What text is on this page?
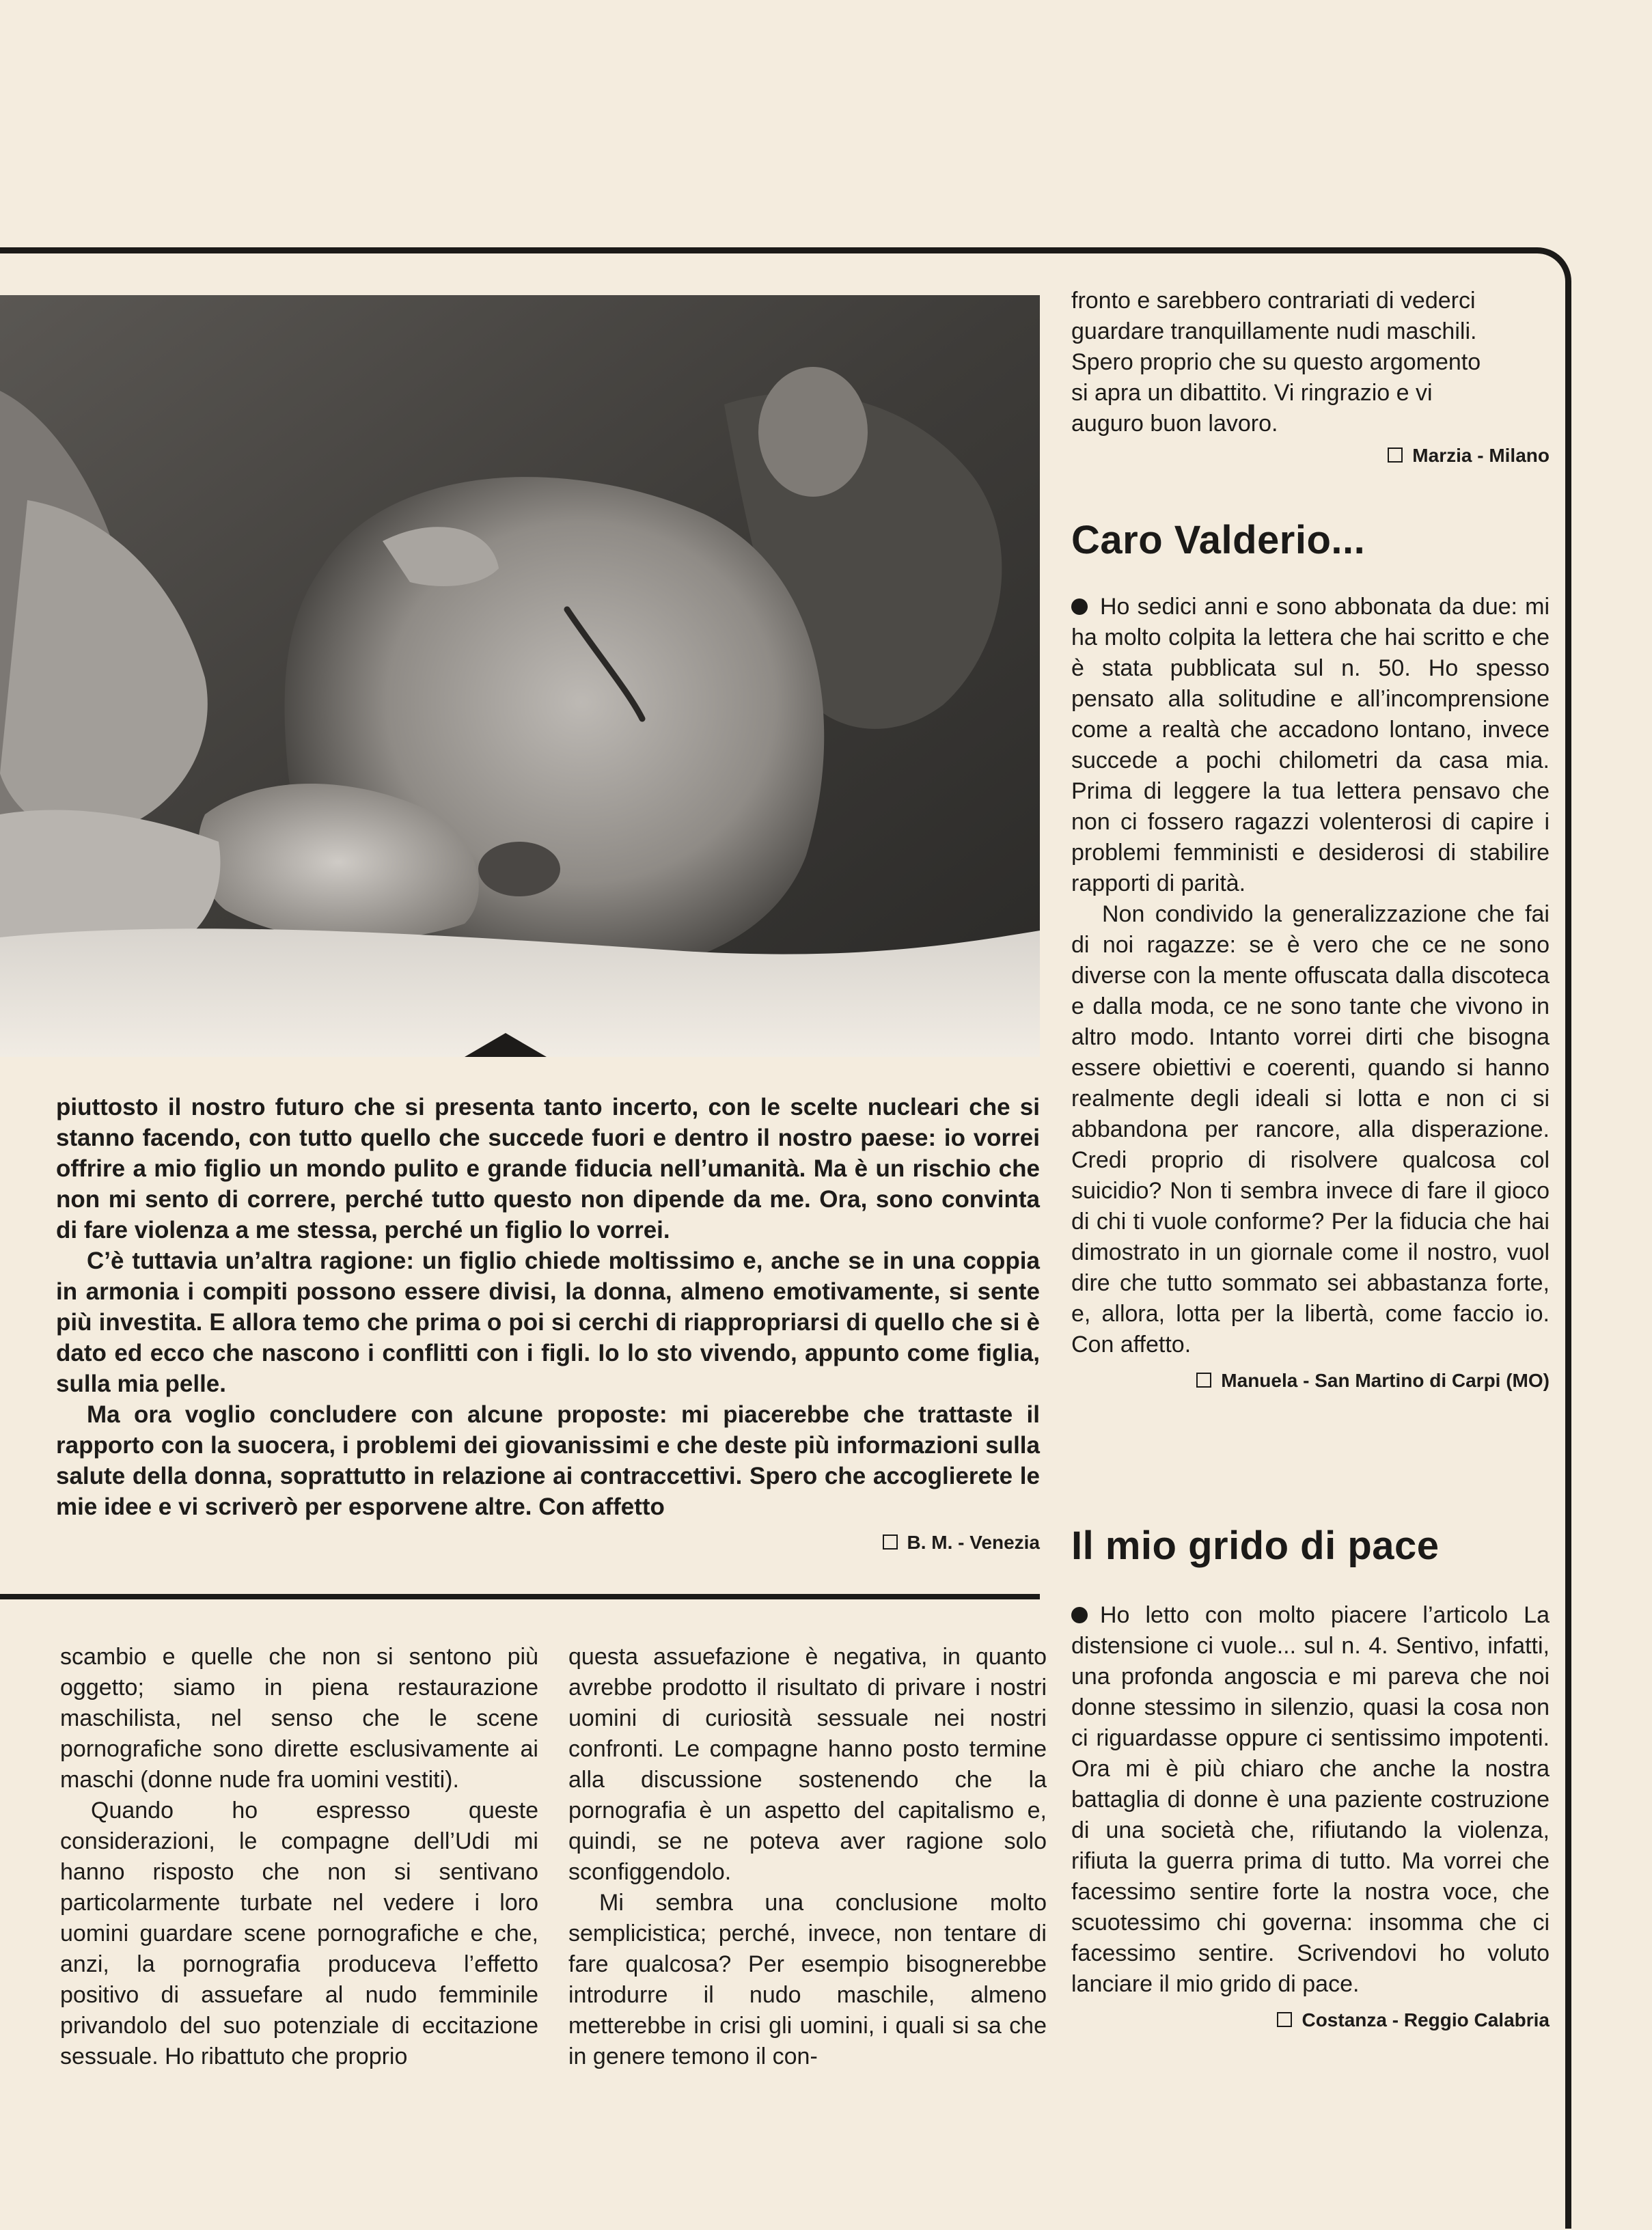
fronto e sarebbero contrariati di vederci

guardare tranquillamente nudi maschili.

Spero proprio che su questo argomento

si apra un dibattito. Vi ringrazio e vi

auguro buon lavoro.

Marzia - Milano
Caro Valderio...

Ho sedici anni e sono abbonata da due: mi ha molto colpita la lettera che hai scritto e che è stata pubblicata sul n. 50. Ho spesso pensato alla solitudine e all’incomprensione come a realtà che accadono lontano, invece succede a pochi chilometri da casa mia. Prima di leggere la tua lettera pensavo che non ci fossero ragazzi volenterosi di capire i problemi femministi e desiderosi di stabilire rapporti di parità.

Non condivido la generalizzazione che fai di noi ragazze: se è vero che ce ne sono diverse con la mente offuscata dalla discoteca e dalla moda, ce ne sono tante che vivono in altro modo. Intanto vorrei dirti che bisogna essere obiettivi e coerenti, quando si hanno realmente degli ideali si lotta e non ci si abbandona per rancore, alla disperazione. Credi proprio di risolvere qualcosa col suicidio? Non ti sembra invece di fare il gioco di chi ti vuole conforme? Per la fiducia che hai dimostrato in un giornale come il nostro, vuol dire che tutto sommato sei abbastanza forte, e, allora, lotta per la libertà, come faccio io. Con affetto.

Manuela - San Martino di Carpi (MO)
Il mio grido di pace

Ho letto con molto piacere l’articolo La distensione ci vuole... sul n. 4. Sentivo, infatti, una profonda angoscia e mi pareva che noi donne stessimo in silenzio, quasi la cosa non ci riguardasse oppure ci sentissimo impotenti. Ora mi è più chiaro che anche la nostra battaglia di donne è una paziente costruzione di una società che, rifiutando la violenza, rifiuta la guerra prima di tutto. Ma vorrei che facessimo sentire forte la nostra voce, che scuotessimo chi governa: insomma che ci facessimo sentire. Scrivendovi ho voluto lanciare il mio grido di pace.

Costanza - Reggio Calabria

piuttosto il nostro futuro che si presenta tanto incerto, con le scelte nucleari che si stanno facendo, con tutto quello che succede fuori e dentro il nostro paese: io vorrei offrire a mio figlio un mondo pulito e grande fiducia nell’umanità. Ma è un rischio che non mi sento di correre, perché tutto questo non dipende da me. Ora, sono convinta di fare violenza a me stessa, perché un figlio lo vorrei.

C’è tuttavia un’altra ragione: un figlio chiede moltissimo e, anche se in una coppia in armonia i compiti possono essere divisi, la donna, almeno emotivamente, si sente più investita. E allora temo che prima o poi si cerchi di riappropriarsi di quello che si è dato ed ecco che nascono i conflitti con i figli. Io lo sto vivendo, appunto come figlia, sulla mia pelle.

Ma ora voglio concludere con alcune proposte: mi piacerebbe che trattaste il rapporto con la suocera, i problemi dei giovanissimi e che deste più informazioni sulla salute della donna, soprattutto in relazione ai contraccettivi. Spero che accoglierete le mie idee e vi scriverò per esporvene altre. Con affetto

B. M. - Venezia

scambio e quelle che non si sentono più oggetto; siamo in piena restaurazione maschilista, nel senso che le scene pornografiche sono dirette esclusivamente ai maschi (donne nude fra uomini vestiti).

Quando ho espresso queste considerazioni, le compagne dell’Udi mi hanno risposto che non si sentivano particolarmente turbate nel vedere i loro uomini guardare scene pornografiche e che, anzi, la pornografia produceva l’effetto positivo di assuefare al nudo femminile privandolo del suo potenziale di eccitazione sessuale. Ho ribattuto che proprio

questa assuefazione è negativa, in quanto avrebbe prodotto il risultato di privare i nostri uomini di curiosità sessuale nei nostri confronti. Le compagne hanno posto termine alla discussione sostenendo che la pornografia è un aspetto del capitalismo e, quindi, se ne poteva aver ragione solo sconfiggendolo.

Mi sembra una conclusione molto semplicistica; perché, invece, non tentare di fare qualcosa? Per esempio bisognerebbe introdurre il nudo maschile, almeno metterebbe in crisi gli uomini, i quali si sa che in genere temono il con-
